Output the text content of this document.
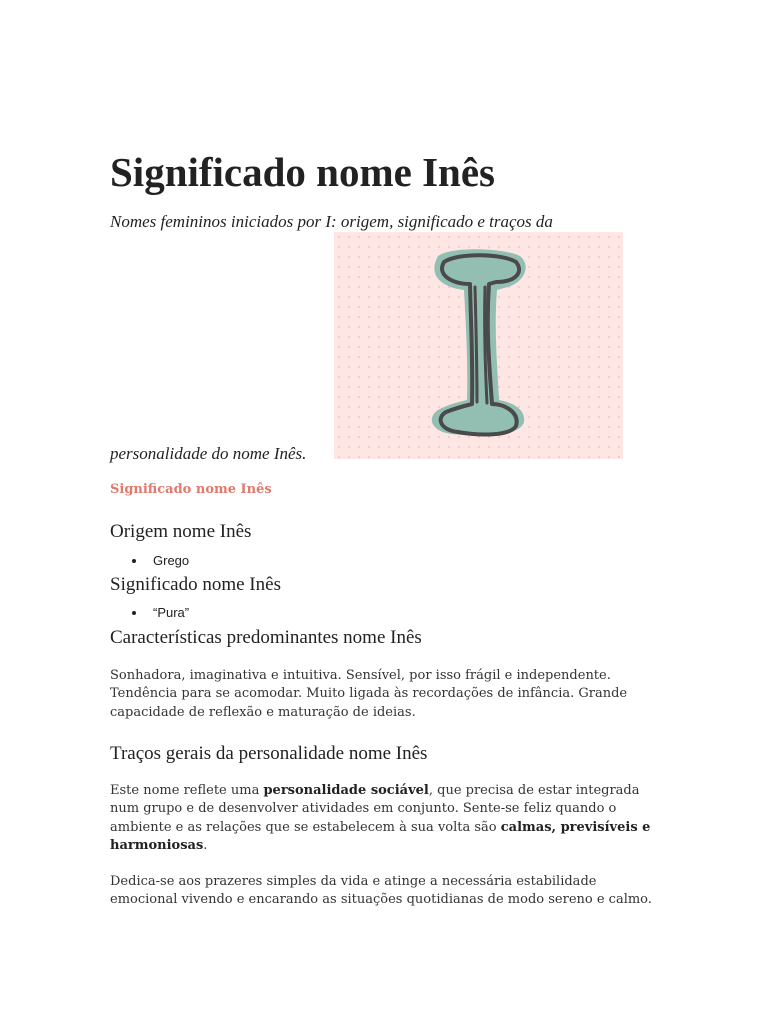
Significado nome Inês
Nomes femininos iniciados por I: origem, significado e traços da
personalidade do nome Inês.
Significado nome Inês
Origem nome Inês
Grego
Significado nome Inês
“Pura”
Características predominantes nome Inês

Sonhadora, imaginativa e intuitiva. Sensível, por isso frágil e independente. Tendência para se acomodar. Muito ligada às recordações de infância. Grande capacidade de reflexão e maturação de ideias.

Traços gerais da personalidade nome Inês

Este nome reflete uma personalidade sociável, que precisa de estar integrada num grupo e de desenvolver atividades em conjunto. Sente-se feliz quando o ambiente e as relações que se estabelecem à sua volta são calmas, previsíveis e harmoniosas.

Dedica-se aos prazeres simples da vida e atinge a necessária estabilidade emocional vivendo e encarando as situações quotidianas de modo sereno e calmo.
